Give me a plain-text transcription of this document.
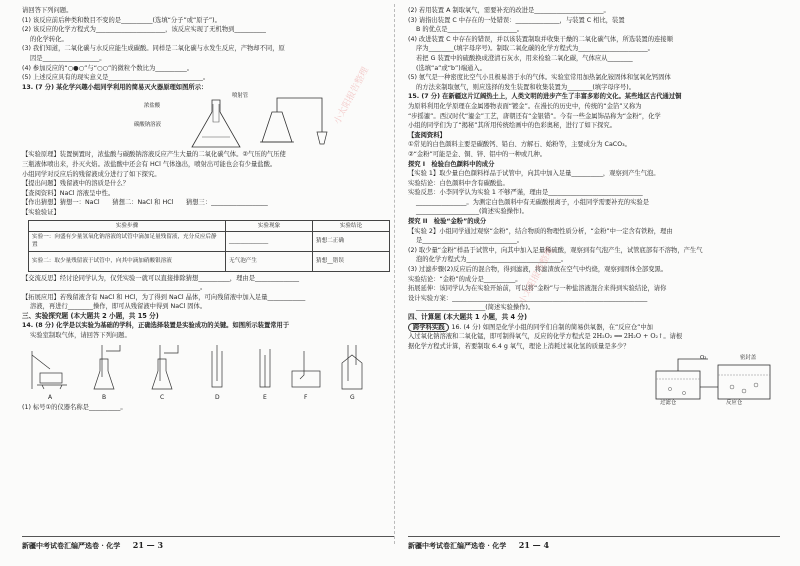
请回答下列问题。
(1) 该反应前后种类和数目不变的是__________(选填“分子”或“原子”)。
(2) 该反应的化学方程式为______________________，该反应实现了无机物到__________
的化学转化。
(3) 我们知道，二氧化碳与水反应能生成碳酸。同样是二氧化碳与水发生反应，产物却不同，原
因是__________________。
(4) 参加反应的“○●○”与“○○”的微粒个数比为__________。
(5) 上述反应具有的现实意义是______________________________。
13. (7 分) 某化学兴趣小组同学利用的简易灭火器原理如图所示：
浓盐酸
碳酸钠溶液
喷射管
【实验原理】装置倒置时，浓盐酸与碳酸钠溶液反应产生大量的二氧化碳气体。②气压的气压使
三瓶液体喷出来，扑灭火焰。浓盐酸中还会有 HCl 气体逸出，喷射出可能也会有少量盐酸。
小组同学对反应后的残留液成分进行了如下探究。
【提出问题】残留液中的溶质是什么？
【查阅资料】NaCl 溶液呈中性。
【作出猜想】猜想一：NaCl　　猜想二：NaCl 和 HCl　　猜想三：__________________
【实验验证】
实验步骤	实验现象	实验结论
实验一：向盛有少量氢氧化钠溶液的试管中滴加足量残留液，充分反应后静置	______________	猜想二正确
实验二：取少量残留液于试管中，向其中滴加硝酸银溶液	无气泡产生	猜想__错误
【交流反思】经讨论同学认为，仅凭实验一就可以直接排除猜想__________，理由是______________
______________________________________________________。
【拓展应用】若残留液含有 NaCl 和 HCl，为了得到 NaCl 晶体，可向残留液中加入足量____________
溶液，再进行________操作，即可从残留液中得到 NaCl 固体。
三、实验探究题 (本大题共 2 小题，共 15 分)
14. (8 分) 化学是以实验为基础的学科，正确选择装置是实验成功的关键。如图所示装置常用于
实验室制取气体，请回答下列问题。
A	B	C	D	E	F	G
(1) 标号①的仪器名称是__________。
新疆中考试卷汇编严选卷 · 化学 21 — 3
(2) 若用装置 A 制取氧气，需要补充的改进是______________________。
(3) 请指出装置 C 中存在的一处错误：______________，与装置 C 相比，装置
B 的优点是______________________。
(4) 改进装置 C 中存在的错误，并以该装置制取并收集干燥的二氧化碳气体，所选装置的连接顺
序为________(填字母序号)。制取二氧化碳的化学方程式为______________________。
若把 G 装置中的硫酸换成澄清石灰水，用来检验二氧化碳，气体应从________
(选填“a”或“b”)端通入。
(5) 氨气是一种密度比空气小且极易溶于水的气体。实验室常用加热氯化铵固体和氢氧化钙固体
的方法来制取氨气，则应选择的发生装置和收集装置为________(填字母序号)。
15. (7 分) 在新疆这片辽阔热土上，人类文明的进步产生了丰富多彩的文化。某些地区古代通过铜
为原料利用化学原理在金属器物表面“镀金”。在漫长的历史中，传统的“金箔”又称为
“步摇鎏”。西汉时代“鎏金”工艺，唐朝还有“金银错”。今有一些金属饰品称为“金粉”，化学
小组的同学们为了“揭秘”其所用传统绘画中的色彩奥秘，进行了如下探究。
【查阅资料】
①常见的白色颜料主要是碳酸钙、铅白、方解石、蛤粉等，主要成分为 CaCO₃。
②“金粉”可能是金、铜、锌、铝中的一种或几种。
探究 I　检验白色颜料中的成分
【实验 1】取少量白色颜料样品于试管中，向其中加入足量__________，观察到产生气泡。
实验结论：白色颜料中含有碳酸盐。
实验反思：小李同学认为实验 1 不够严谨，理由是______________________________
________________。为测定白色颜料中有无碳酸根离子，小组同学需要补充的实验是
____________________(简述实验操作)。
探究 II　检验“金粉”的成分
【实验 2】小组同学通过观察“金粉”，结合物质的物理性质分析，“金粉”中一定含有铁粉，理由
是______________________________。
(2) 取少量“金粉”样品于试管中，向其中加入足量稀硫酸，观察到有气泡产生，试管底部有不溶物，产生气
泡的化学方程式为______________________________。
(3) 过滤步骤(2)反应后的混合物，得到滤液，将滤渣放在空气中灼烧，观察到固体全部变黑。
实验结论：“金粉”的成分是__________。
拓展延伸：该同学认为在实验开始前，可以将“金粉”与一种盐溶液混合来得到实验结论，请你
设计实验方案：______________________________________________________________
______________________(简述实验操作)。
四、计算题 (本大题共 1 小题，共 4 分)
跨学科实践 16. (4 分) 如图是化学小组的同学们自制的简易供氧器，在“反应仓”中加
入过氧化钠溶液和二氧化锰，即可制得氧气，反应的化学方程式是 2H₂O₂ ══ 2H₂O + O₂↑。请根
据化学方程式计算，若要制取 6.4 g 氧气，理论上消耗过氧化氢的质量是多少？
O₂	密封盖
过滤仓	反应仓
新疆中考试卷汇编严选卷 · 化学 21 — 4
小太阳报告整理
小太阳报告整理
